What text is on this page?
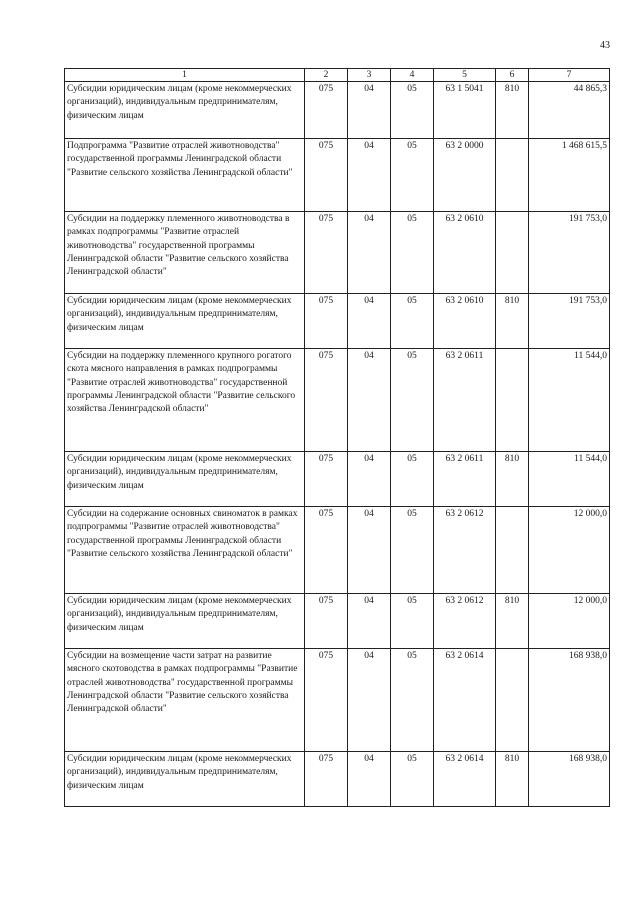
43
1	2	3	4	5	6	7
Субсидии юридическим лицам (кроме некоммерческих организаций), индивидуальным предпринимателям, физическим лицам	075	04	05	63 1 5041	810	44 865,3
Подпрограмма "Развитие отраслей животноводства" государственной программы Ленинградской области "Развитие сельского хозяйства Ленинградской области"	075	04	05	63 2 0000		1 468 615,5
Субсидии на поддержку племенного животноводства в рамках подпрограммы "Развитие отраслей животноводства" государственной программы Ленинградской области "Развитие сельского хозяйства Ленинградской области"	075	04	05	63 2 0610		191 753,0
Субсидии юридическим лицам (кроме некоммерческих организаций), индивидуальным предпринимателям, физическим лицам	075	04	05	63 2 0610	810	191 753,0
Субсидии на поддержку племенного крупного рогатого скота мясного направления в рамках подпрограммы "Развитие отраслей животноводства" государственной программы Ленинградской области "Развитие сельского хозяйства Ленинградской области"	075	04	05	63 2 0611		11 544,0
Субсидии юридическим лицам (кроме некоммерческих организаций), индивидуальным предпринимателям, физическим лицам	075	04	05	63 2 0611	810	11 544,0
Субсидии на содержание основных свиноматок в рамках подпрограммы "Развитие отраслей животноводства" государственной программы Ленинградской области "Развитие сельского хозяйства Ленинградской области"	075	04	05	63 2 0612		12 000,0
Субсидии юридическим лицам (кроме некоммерческих организаций), индивидуальным предпринимателям, физическим лицам	075	04	05	63 2 0612	810	12 000,0
Субсидии на возмещение части затрат на развитие мясного скотоводства в рамках подпрограммы "Развитие отраслей животноводства" государственной программы Ленинградской области "Развитие сельского хозяйства Ленинградской области"	075	04	05	63 2 0614		168 938,0
Субсидии юридическим лицам (кроме некоммерческих организаций), индивидуальным предпринимателям, физическим лицам	075	04	05	63 2 0614	810	168 938,0
